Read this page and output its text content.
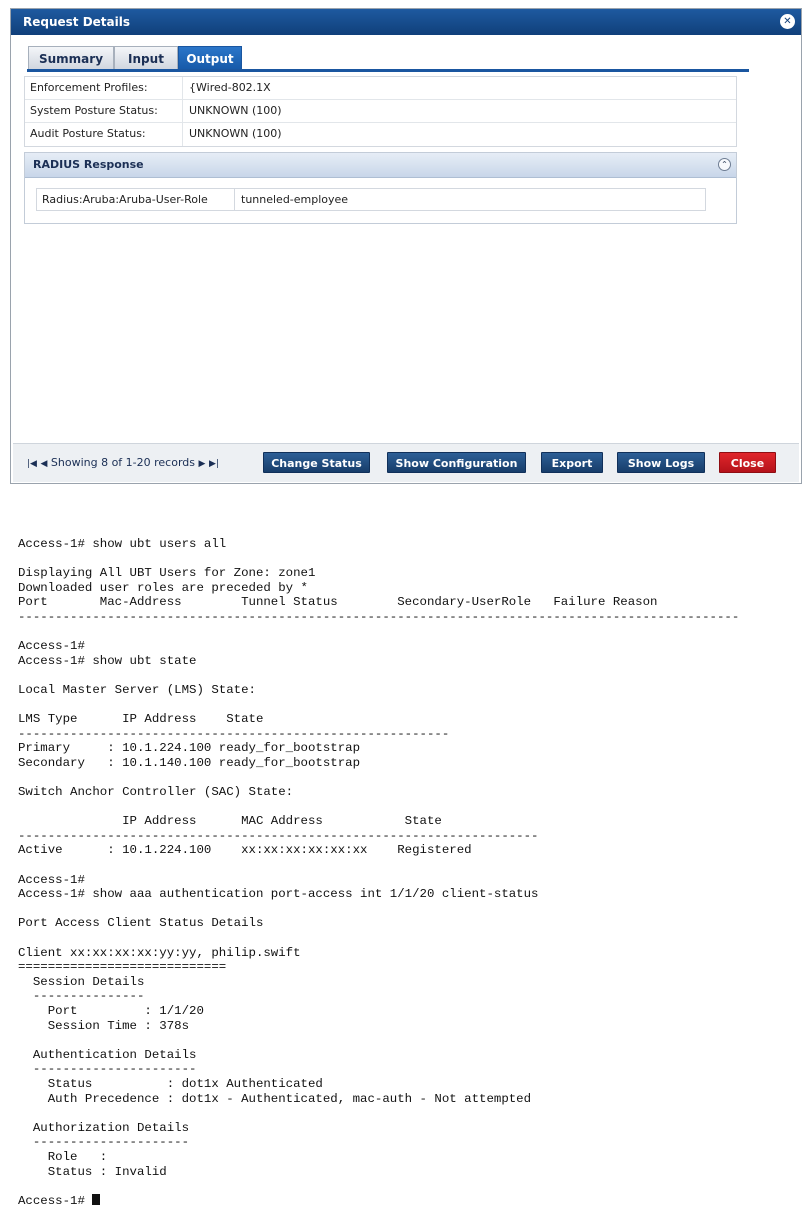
Request Details	✕
Summary	Input	Output
Enforcement Profiles:	{Wired-802.1X
System Posture Status:	UNKNOWN (100)
Audit Posture Status:	UNKNOWN (100)
RADIUS Response	⌃
Radius:Aruba:Aruba-User-Role	tunneled-employee
|◀ ◀ Showing 8 of 1-20 records ▶ ▶|	Change Status	Show Configuration	Export	Show Logs	Close
Access-1# show ubt users all
Displaying All UBT Users for Zone: zone1
Downloaded user roles are preceded by *
Port       Mac-Address        Tunnel Status        Secondary-UserRole   Failure Reason
-------------------------------------------------------------------------------------------------
Access-1#
Access-1# show ubt state
Local Master Server (LMS) State:
LMS Type      IP Address    State
----------------------------------------------------------
Primary     : 10.1.224.100 ready_for_bootstrap
Secondary   : 10.1.140.100 ready_for_bootstrap
Switch Anchor Controller (SAC) State:
IP Address      MAC Address           State
----------------------------------------------------------------------
Active      : 10.1.224.100    xx:xx:xx:xx:xx:xx    Registered
Access-1#
Access-1# show aaa authentication port-access int 1/1/20 client-status
Port Access Client Status Details
Client xx:xx:xx:xx:yy:yy, philip.swift
============================
Session Details
---------------
Port         : 1/1/20
Session Time : 378s
Authentication Details
----------------------
Status          : dot1x Authenticated
Auth Precedence : dot1x - Authenticated, mac-auth - Not attempted
Authorization Details
---------------------
Role   :
Status : Invalid
Access-1#
